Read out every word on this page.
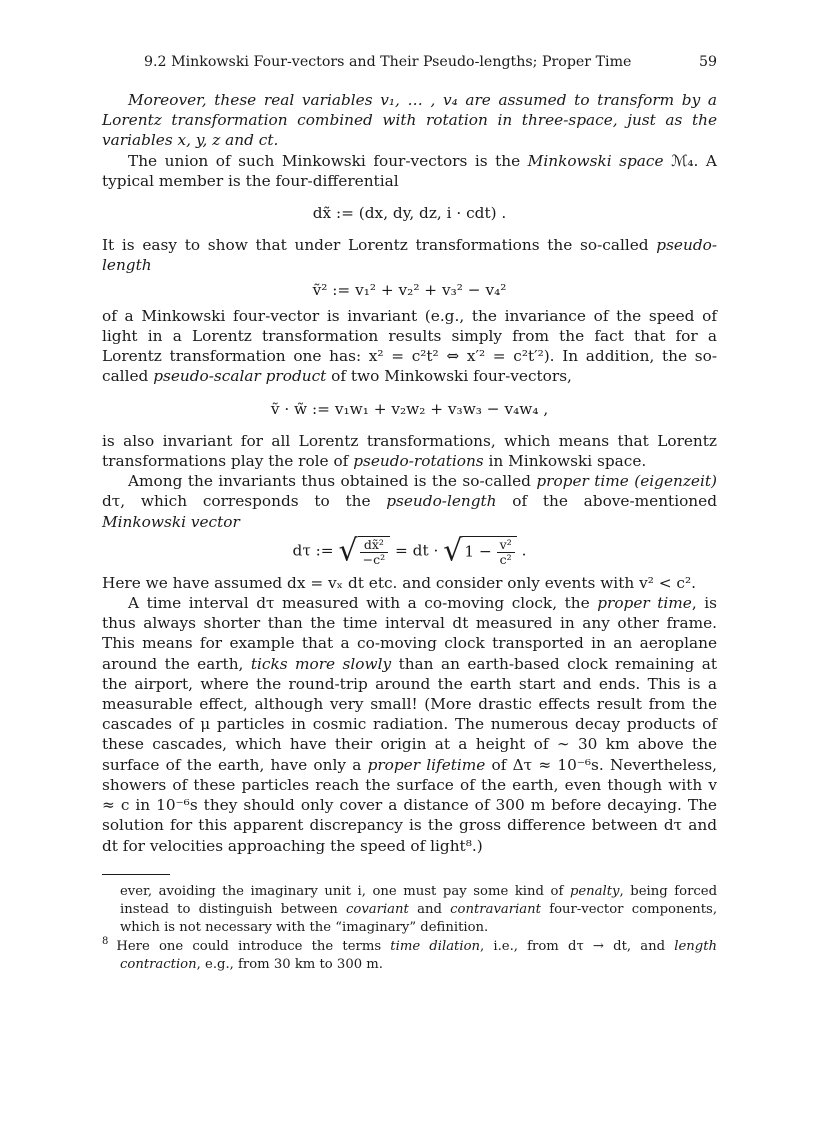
9.2 Minkowski Four-vectors and Their Pseudo-lengths; Proper Time	59

Moreover, these real variables v₁, … , v₄ are assumed to transform by a Lorentz transformation combined with rotation in three-space, just as the variables x, y, z and ct.

The union of such Minkowski four-vectors is the Minkowski space ℳ₄. A typical member is the four-differential

dx̃ := (dx, dy, dz, i · cdt) .

It is easy to show that under Lorentz transformations the so-called pseudo-length

ṽ² := v₁² + v₂² + v₃² − v₄²

of a Minkowski four-vector is invariant (e.g., the invariance of the speed of light in a Lorentz transformation results simply from the fact that for a Lorentz transformation one has: x² = c²t² ⇔ x′² = c²t′²). In addition, the so-called pseudo-scalar product of two Minkowski four-vectors,

ṽ · w̃ := v₁w₁ + v₂w₂ + v₃w₃ − v₄w₄ ,

is also invariant for all Lorentz transformations, which means that Lorentz transformations play the role of pseudo-rotations in Minkowski space.

Among the invariants thus obtained is the so-called proper time (eigenzeit) dτ, which corresponds to the pseudo-length of the above-mentioned Minkowski vector

dτ := √ $\frac{\text{dx̃²}}{\text{−c²}}$ = dt · √ $1 - \frac{\text{v²}}{\text{c²}}$ .

Here we have assumed dx = vₓ dt etc. and consider only events with v² < c².

A time interval dτ measured with a co-moving clock, the proper time, is thus always shorter than the time interval dt measured in any other frame. This means for example that a co-moving clock transported in an aeroplane around the earth, ticks more slowly than an earth-based clock remaining at the airport, where the round-trip around the earth start and ends. This is a measurable effect, although very small! (More drastic effects result from the cascades of μ particles in cosmic radiation. The numerous decay products of these cascades, which have their origin at a height of ∼ 30 km above the surface of the earth, have only a proper lifetime of Δτ ≈ 10⁻⁶s. Nevertheless, showers of these particles reach the surface of the earth, even though with v ≈ c in 10⁻⁶s they should only cover a distance of 300 m before decaying. The solution for this apparent discrepancy is the gross difference between dτ and dt for velocities approaching the speed of light⁸.)

ever, avoiding the imaginary unit i, one must pay some kind of penalty, being forced instead to distinguish between covariant and contravariant four-vector components, which is not necessary with the “imaginary” definition.

$^8$ Here one could introduce the terms time dilation, i.e., from dτ → dt, and length contraction, e.g., from 30 km to 300 m.
